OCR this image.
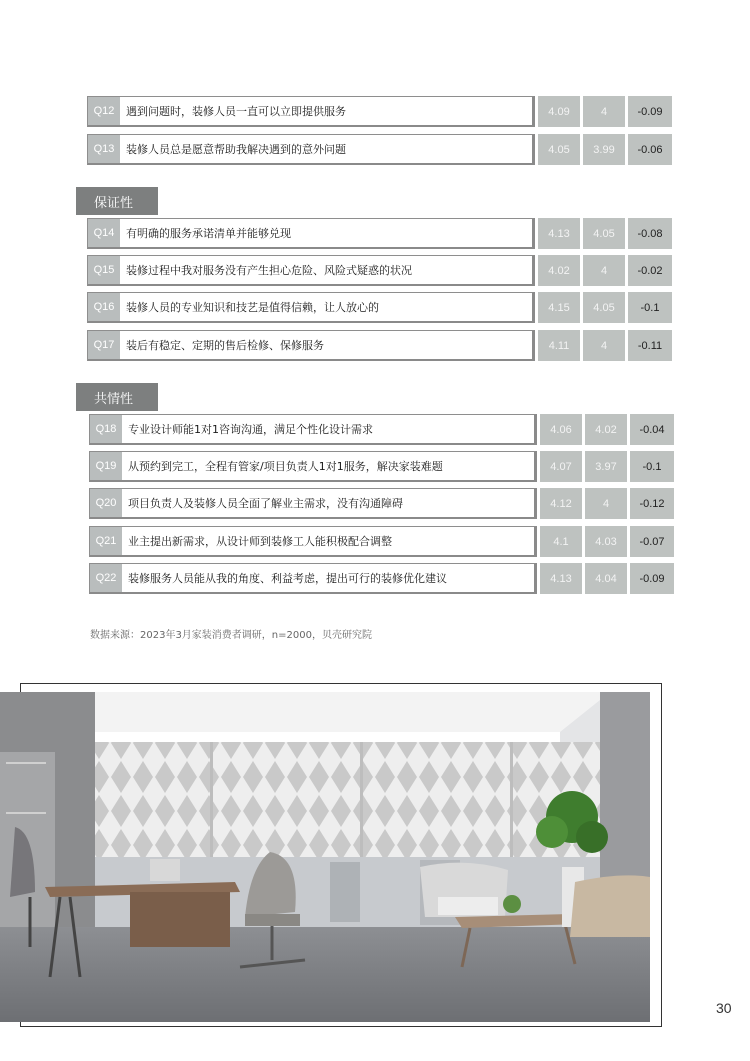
Q12	遇到问题时，装修人员一直可以立即提供服务	4.09	4	-0.09
Q13	装修人员总是愿意帮助我解决遇到的意外问题	4.05	3.99	-0.06
保证性
Q14	有明确的服务承诺清单并能够兑现	4.13	4.05	-0.08
Q15	装修过程中我对服务没有产生担心危险、风险式疑惑的状况	4.02	4	-0.02
Q16	装修人员的专业知识和技艺是值得信赖，让人放心的	4.15	4.05	-0.1
Q17	装后有稳定、定期的售后检修、保修服务	4.11	4	-0.11
共情性
Q18	专业设计师能1对1咨询沟通，满足个性化设计需求	4.06	4.02	-0.04
Q19	从预约到完工，全程有管家/项目负责人1对1服务，解决家装难题	4.07	3.97	-0.1
Q20	项目负责人及装修人员全面了解业主需求，没有沟通障碍	4.12	4	-0.12
Q21	业主提出新需求，从设计师到装修工人能积极配合调整	4.1	4.03	-0.07
Q22	装修服务人员能从我的角度、利益考虑，提出可行的装修优化建议	4.13	4.04	-0.09
数据来源：2023年3月家装消费者调研，n=2000，贝壳研究院
30
